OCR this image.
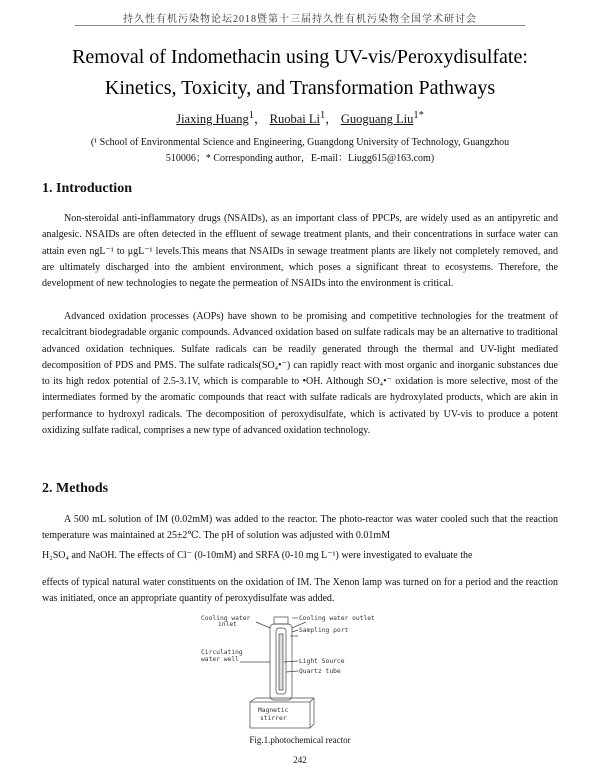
持久性有机污染物论坛2018暨第十三届持久性有机污染物全国学术研讨会
Removal of Indomethacin using UV-vis/Peroxydisulfate:
Kinetics, Toxicity, and Transformation Pathways
Jiaxing Huang$^1$， Ruobai Li$^1$， Guoguang Liu$^{1*}$
(¹ School of Environmental Science and Engineering, Guangdong University of Technology, Guangzhou
510006；* Corresponding author，E-mail：Liugg615@163.com)
1. Introduction

Non-steroidal anti-inflammatory drugs (NSAIDs), as an important class of PPCPs, are widely used as an antipyretic and analgesic. NSAIDs are often detected in the effluent of sewage treatment plants, and their concentrations in surface water can attain even ngL⁻¹ to μgL⁻¹ levels.This means that NSAIDs in sewage treatment plants are likely not completely removed, and are ultimately discharged into the ambient environment, which poses a significant threat to ecosystems. Therefore, the development of new technologies to negate the permeation of NSAIDs into the environment is critical.

Advanced oxidation processes (AOPs) have shown to be promising and competitive technologies for the treatment of recalcitrant biodegradable organic compounds. Advanced oxidation based on sulfate radicals may be an alternative to traditional advanced oxidation techniques. Sulfate radicals can be readily generated through the thermal and UV-light mediated decomposition of PDS and PMS. The sulfate radicals(SO₄•⁻) can rapidly react with most organic and inorganic substances due to its high redox potential of 2.5-3.1V, which is comparable to •OH. Although SO₄•⁻ oxidation is more selective, most of the intermediates formed by the aromatic compounds that react with sulfate radicals are hydroxylated products, which are akin in performance to hydroxyl radicals. The decomposition of peroxydisulfate, which is activated by UV-vis to produce a potent oxidizing sulfate radical, comprises a new type of advanced oxidation technology.

2. Methods

A 500 mL solution of IM (0.02mM) was added to the reactor. The photo-reactor was water cooled such that the reaction temperature was maintained at 25±2℃. The pH of solution was adjusted with 0.01mM

H₂SO₄ and NaOH. The effects of Cl⁻ (0-10mM) and SRFA (0-10 mg L⁻¹) were investigated to evaluate the

effects of typical natural water constituents on the oxidation of IM. The Xenon lamp was turned on for a period and the reaction was initiated, once an appropriate quantity of peroxydisulfate was added.

Cooling water
inlet
Cooling water outlet
Sampling port
Circulating
water well	Light Source
Quartz tube
Magnetic
stirrer
Fig.1.photochemical reactor
242
